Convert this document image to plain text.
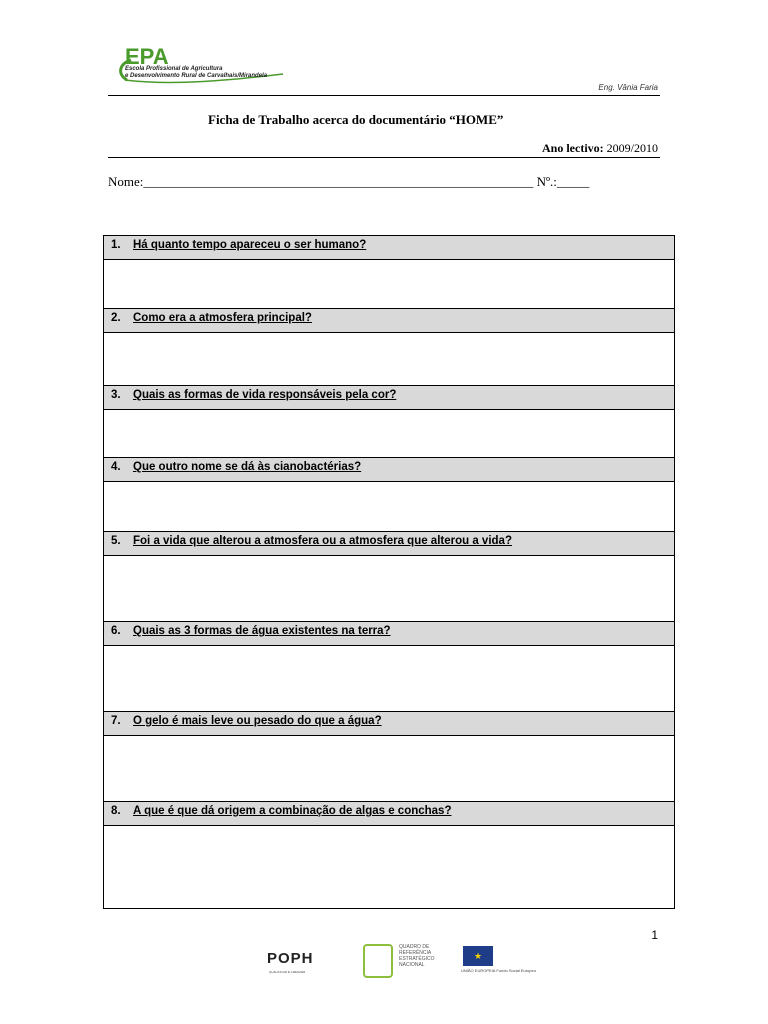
EPA
Escola Profissional de Agricultura
e Desenvolvimento Rural de Carvalhais/Mirandela
Eng. Vânia Faria
Ficha de Trabalho acerca do documentário “HOME”
Ano lectivo: 2009/2010
Nome:____________________________________________________________ Nº.:_____
1. Há quanto tempo apareceu o ser humano?

2. Como era a atmosfera principal?

3. Quais as formas de vida responsáveis pela cor?

4. Que outro nome se dá às cianobactérias?

5. Foi a vida que alterou a atmosfera ou a atmosfera que alterou a vida?

6. Quais as 3 formas de água existentes na terra?

7. O gelo é mais leve ou pesado do que a água?

8. A que é que dá origem a combinação de algas e conchas?

1
POPH
QUALIFICAR É CRESCER
QUADRO DE REFERÊNCIA ESTRATÉGICO NACIONAL
★
UNIÃO EUROPEIA Fundo Social Europeu
